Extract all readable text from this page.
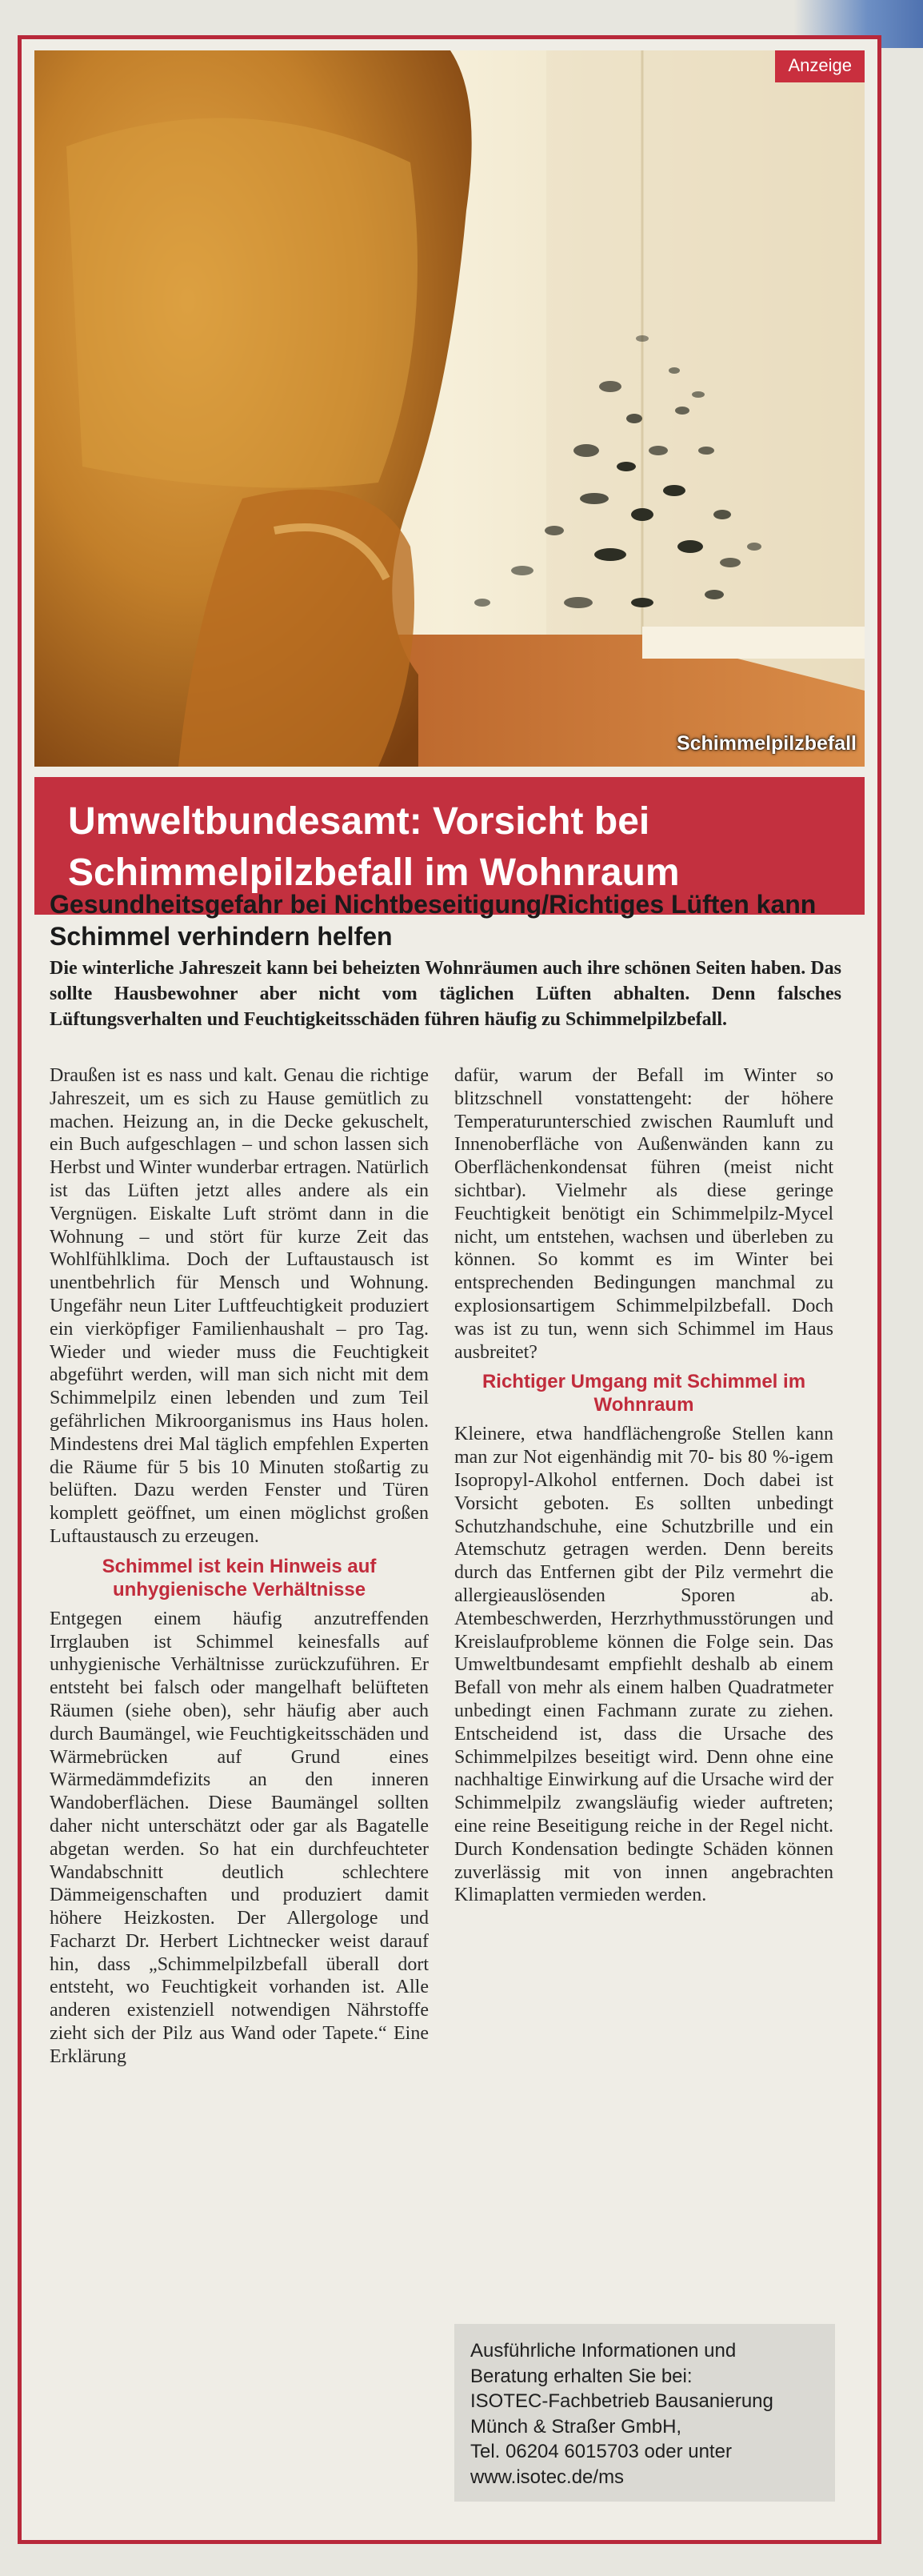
Anzeige
Schimmelpilzbefall
Umweltbundesamt: Vorsicht bei Schimmelpilzbefall im Wohnraum
Gesundheitsgefahr bei Nichtbeseitigung/Richtiges Lüften kann Schimmel verhindern helfen

Die winterliche Jahreszeit kann bei beheizten Wohnräumen auch ihre schönen Seiten haben. Das sollte Hausbewohner aber nicht vom täglichen Lüften abhalten. Denn falsches Lüftungsverhalten und Feuchtigkeitsschäden führen häufig zu Schimmelpilzbefall.

Draußen ist es nass und kalt. Genau die richtige Jahreszeit, um es sich zu Hause gemütlich zu machen. Heizung an, in die Decke gekuschelt, ein Buch aufgeschlagen – und schon lassen sich Herbst und Winter wunderbar ertragen. Natürlich ist das Lüften jetzt alles andere als ein Vergnügen. Eiskalte Luft strömt dann in die Wohnung – und stört für kurze Zeit das Wohlfühlklima. Doch der Luftaustausch ist unentbehrlich für Mensch und Wohnung. Ungefähr neun Liter Luftfeuchtigkeit produziert ein vierköpfiger Familienhaushalt – pro Tag. Wieder und wieder muss die Feuchtigkeit abgeführt werden, will man sich nicht mit dem Schimmelpilz einen lebenden und zum Teil gefährlichen Mikroorganismus ins Haus holen. Mindestens drei Mal täglich empfehlen Experten die Räume für 5 bis 10 Minuten stoßartig zu belüften. Dazu werden Fenster und Türen komplett geöffnet, um einen möglichst großen Luftaustausch zu erzeugen.

Schimmel ist kein Hinweis auf unhygienische Verhältnisse

Entgegen einem häufig anzutreffenden Irrglauben ist Schimmel keinesfalls auf unhygienische Verhältnisse zurückzuführen. Er entsteht bei falsch oder mangelhaft belüfteten Räumen (siehe oben), sehr häufig aber auch durch Baumängel, wie Feuchtigkeitsschäden und Wärmebrücken auf Grund eines Wärmedämmdefizits an den inneren Wandoberflächen. Diese Baumängel sollten daher nicht unterschätzt oder gar als Bagatelle abgetan werden. So hat ein durchfeuchteter Wandabschnitt deutlich schlechtere Dämmeigenschaften und produziert damit höhere Heizkosten. Der Allergologe und Facharzt Dr. Herbert Lichtnecker weist darauf hin, dass „Schimmelpilzbefall überall dort entsteht, wo Feuchtigkeit vorhanden ist. Alle anderen existenziell notwendigen Nährstoffe zieht sich der Pilz aus Wand oder Tapete.“ Eine Erklärung

dafür, warum der Befall im Winter so blitzschnell vonstattengeht: der höhere Temperaturunterschied zwischen Raumluft und Innenoberfläche von Außenwänden kann zu Oberflächenkondensat führen (meist nicht sichtbar). Vielmehr als diese geringe Feuchtigkeit benötigt ein Schimmelpilz-Mycel nicht, um entstehen, wachsen und überleben zu können. So kommt es im Winter bei entsprechenden Bedingungen manchmal zu explosionsartigem Schimmelpilzbefall. Doch was ist zu tun, wenn sich Schimmel im Haus ausbreitet?

Richtiger Umgang mit Schimmel im Wohnraum

Kleinere, etwa handflächengroße Stellen kann man zur Not eigenhändig mit 70- bis 80 %-igem Isopropyl-Alkohol entfernen. Doch dabei ist Vorsicht geboten. Es sollten unbedingt Schutzhandschuhe, eine Schutzbrille und ein Atemschutz getragen werden. Denn bereits durch das Entfernen gibt der Pilz vermehrt die allergieauslösenden Sporen ab. Atembeschwerden, Herzrhythmusstörungen und Kreislaufprobleme können die Folge sein. Das Umweltbundesamt empfiehlt deshalb ab einem Befall von mehr als einem halben Quadratmeter unbedingt einen Fachmann zurate zu ziehen. Entscheidend ist, dass die Ursache des Schimmelpilzes beseitigt wird. Denn ohne eine nachhaltige Einwirkung auf die Ursache wird der Schimmelpilz zwangsläufig wieder auftreten; eine reine Beseitigung reiche in der Regel nicht. Durch Kondensation bedingte Schäden können zuverlässig mit von innen angebrachten Klimaplatten vermieden werden.

Ausführliche Informationen und
Beratung erhalten Sie bei:
ISOTEC-Fachbetrieb Bausanierung
Münch & Straßer GmbH,
Tel. 06204 6015703 oder unter
www.isotec.de/ms
